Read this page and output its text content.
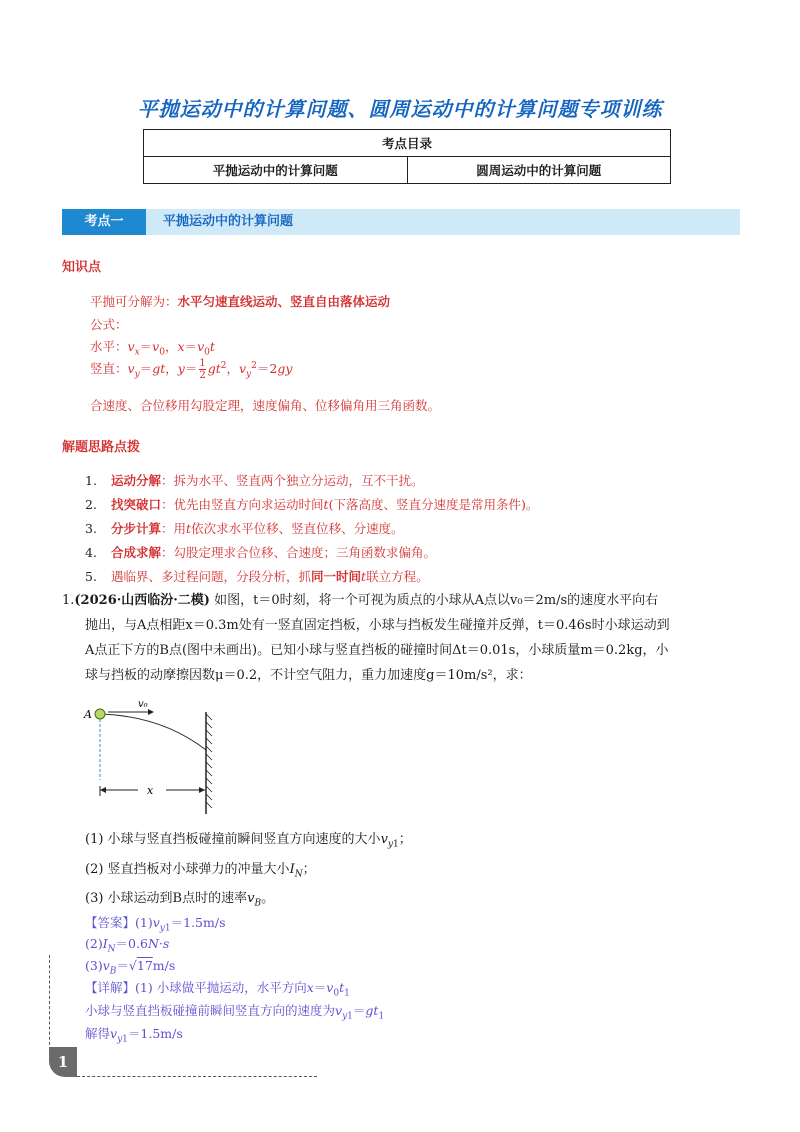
平抛运动中的计算问题、圆周运动中的计算问题专项训练
考点目录
平抛运动中的计算问题	圆周运动中的计算问题
考点一	平抛运动中的计算问题
知识点
平抛可分解为：水平匀速直线运动、竖直自由落体运动
公式：
水平：$v_x=v_0$，$x=v_0t$
竖直：$v_y=gt$，$y= \frac{1}{2} gt^2$，$v_y^2=2gy$
合速度、合位移用勾股定理，速度偏角、位移偏角用三角函数。
解题思路点拨
1. 运动分解：拆为水平、竖直两个独立分运动，互不干扰。
2. 找突破口：优先由竖直方向求运动时间t(下落高度、竖直分速度是常用条件)。
3. 分步计算：用t依次求水平位移、竖直位移、分速度。
4. 合成求解：勾股定理求合位移、合速度；三角函数求偏角。
5. 遇临界、多过程问题，分段分析，抓同一时间t联立方程。
1.(2026·山西临汾·二模) 如图，t＝0时刻，将一个可视为质点的小球从A点以v₀＝2m/s的速度水平向右
抛出，与A点相距x＝0.3m处有一竖直固定挡板，小球与挡板发生碰撞并反弹，t＝0.46s时小球运动到
A点正下方的B点(图中未画出)。已知小球与竖直挡板的碰撞时间Δt＝0.01s，小球质量m＝0.2kg，小
球与挡板的动摩擦因数μ＝0.2，不计空气阻力，重力加速度g＝10m/s²，求：
A
v₀
x
(1) 小球与竖直挡板碰撞前瞬间竖直方向速度的大小$v_{y1}$；
(2) 竖直挡板对小球弹力的冲量大小$I_N$；
(3) 小球运动到B点时的速率$v_B$。
【答案】$(1)v_{y1}=1.5m/s$
$(2)I_N=0.6N\cdot s$
$(3)v_B=√17m/s$
【详解】(1) 小球做平抛运动，水平方向$x=v_0t_1$
小球与竖直挡板碰撞前瞬间竖直方向的速度为$v_{y1}=gt_1$
解得$v_{y1}=1.5m/s$
1
